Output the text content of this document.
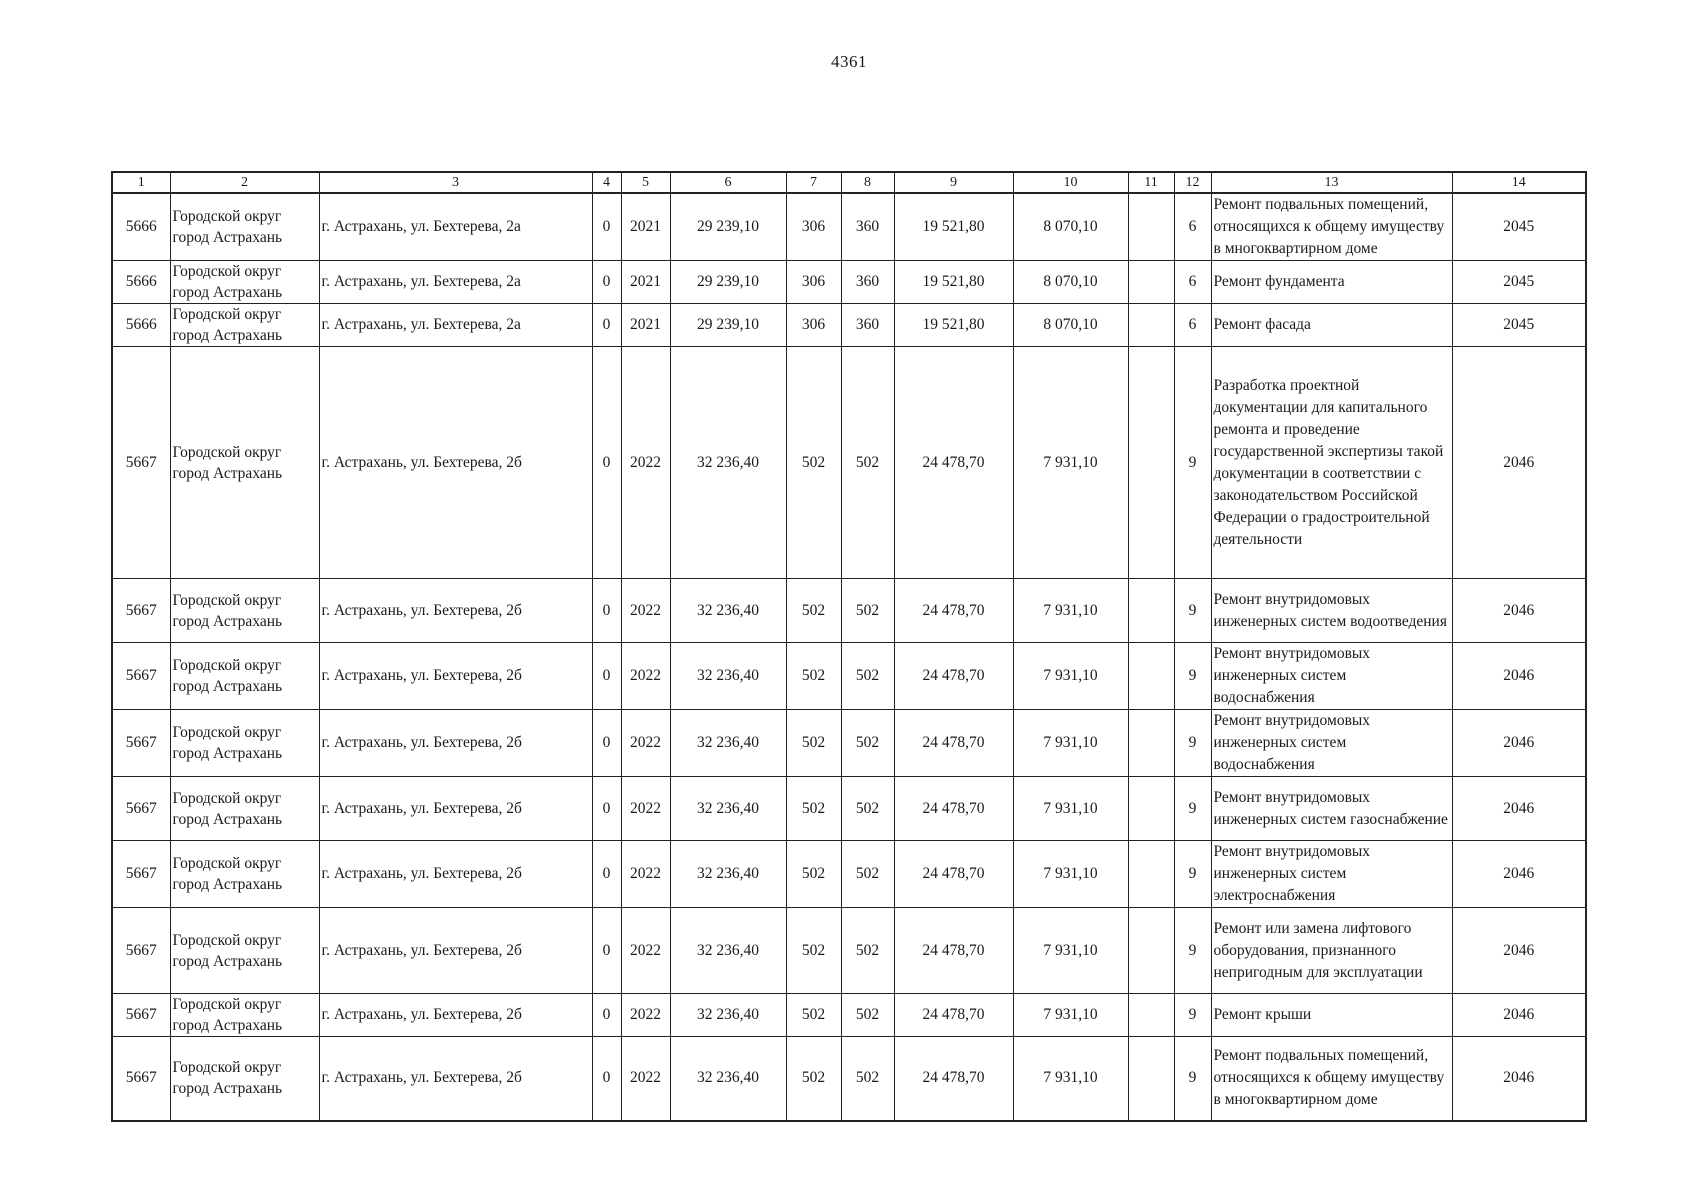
4361
1	2	3	4	5	6	7	8	9	10	11	12	13	14
5666	Городской округ город Астрахань	г. Астрахань, ул. Бехтерева, 2а	0	2021	29 239,10	306	360	19 521,80	8 070,10		6	Ремонт подвальных помещений, относящихся к общему имуществу в многоквартирном доме	2045
5666	Городской округ город Астрахань	г. Астрахань, ул. Бехтерева, 2а	0	2021	29 239,10	306	360	19 521,80	8 070,10		6	Ремонт фундамента	2045
5666	Городской округ город Астрахань	г. Астрахань, ул. Бехтерева, 2а	0	2021	29 239,10	306	360	19 521,80	8 070,10		6	Ремонт фасада	2045
5667	Городской округ город Астрахань	г. Астрахань, ул. Бехтерева, 2б	0	2022	32 236,40	502	502	24 478,70	7 931,10		9	Разработка проектной документации для капитального ремонта и проведение государственной экспертизы такой документации в соответствии с законодательством Российской Федерации о градостроительной деятельности	2046
5667	Городской округ город Астрахань	г. Астрахань, ул. Бехтерева, 2б	0	2022	32 236,40	502	502	24 478,70	7 931,10		9	Ремонт внутридомовых инженерных систем водоотведения	2046
5667	Городской округ город Астрахань	г. Астрахань, ул. Бехтерева, 2б	0	2022	32 236,40	502	502	24 478,70	7 931,10		9	Ремонт внутридомовых инженерных систем водоснабжения	2046
5667	Городской округ город Астрахань	г. Астрахань, ул. Бехтерева, 2б	0	2022	32 236,40	502	502	24 478,70	7 931,10		9	Ремонт внутридомовых инженерных систем водоснабжения	2046
5667	Городской округ город Астрахань	г. Астрахань, ул. Бехтерева, 2б	0	2022	32 236,40	502	502	24 478,70	7 931,10		9	Ремонт внутридомовых инженерных систем газоснабжение	2046
5667	Городской округ город Астрахань	г. Астрахань, ул. Бехтерева, 2б	0	2022	32 236,40	502	502	24 478,70	7 931,10		9	Ремонт внутридомовых инженерных систем электроснабжения	2046
5667	Городской округ город Астрахань	г. Астрахань, ул. Бехтерева, 2б	0	2022	32 236,40	502	502	24 478,70	7 931,10		9	Ремонт или замена лифтового оборудования, признанного непригодным для эксплуатации	2046
5667	Городской округ город Астрахань	г. Астрахань, ул. Бехтерева, 2б	0	2022	32 236,40	502	502	24 478,70	7 931,10		9	Ремонт крыши	2046
5667	Городской округ город Астрахань	г. Астрахань, ул. Бехтерева, 2б	0	2022	32 236,40	502	502	24 478,70	7 931,10		9	Ремонт подвальных помещений, относящихся к общему имуществу в многоквартирном доме	2046
